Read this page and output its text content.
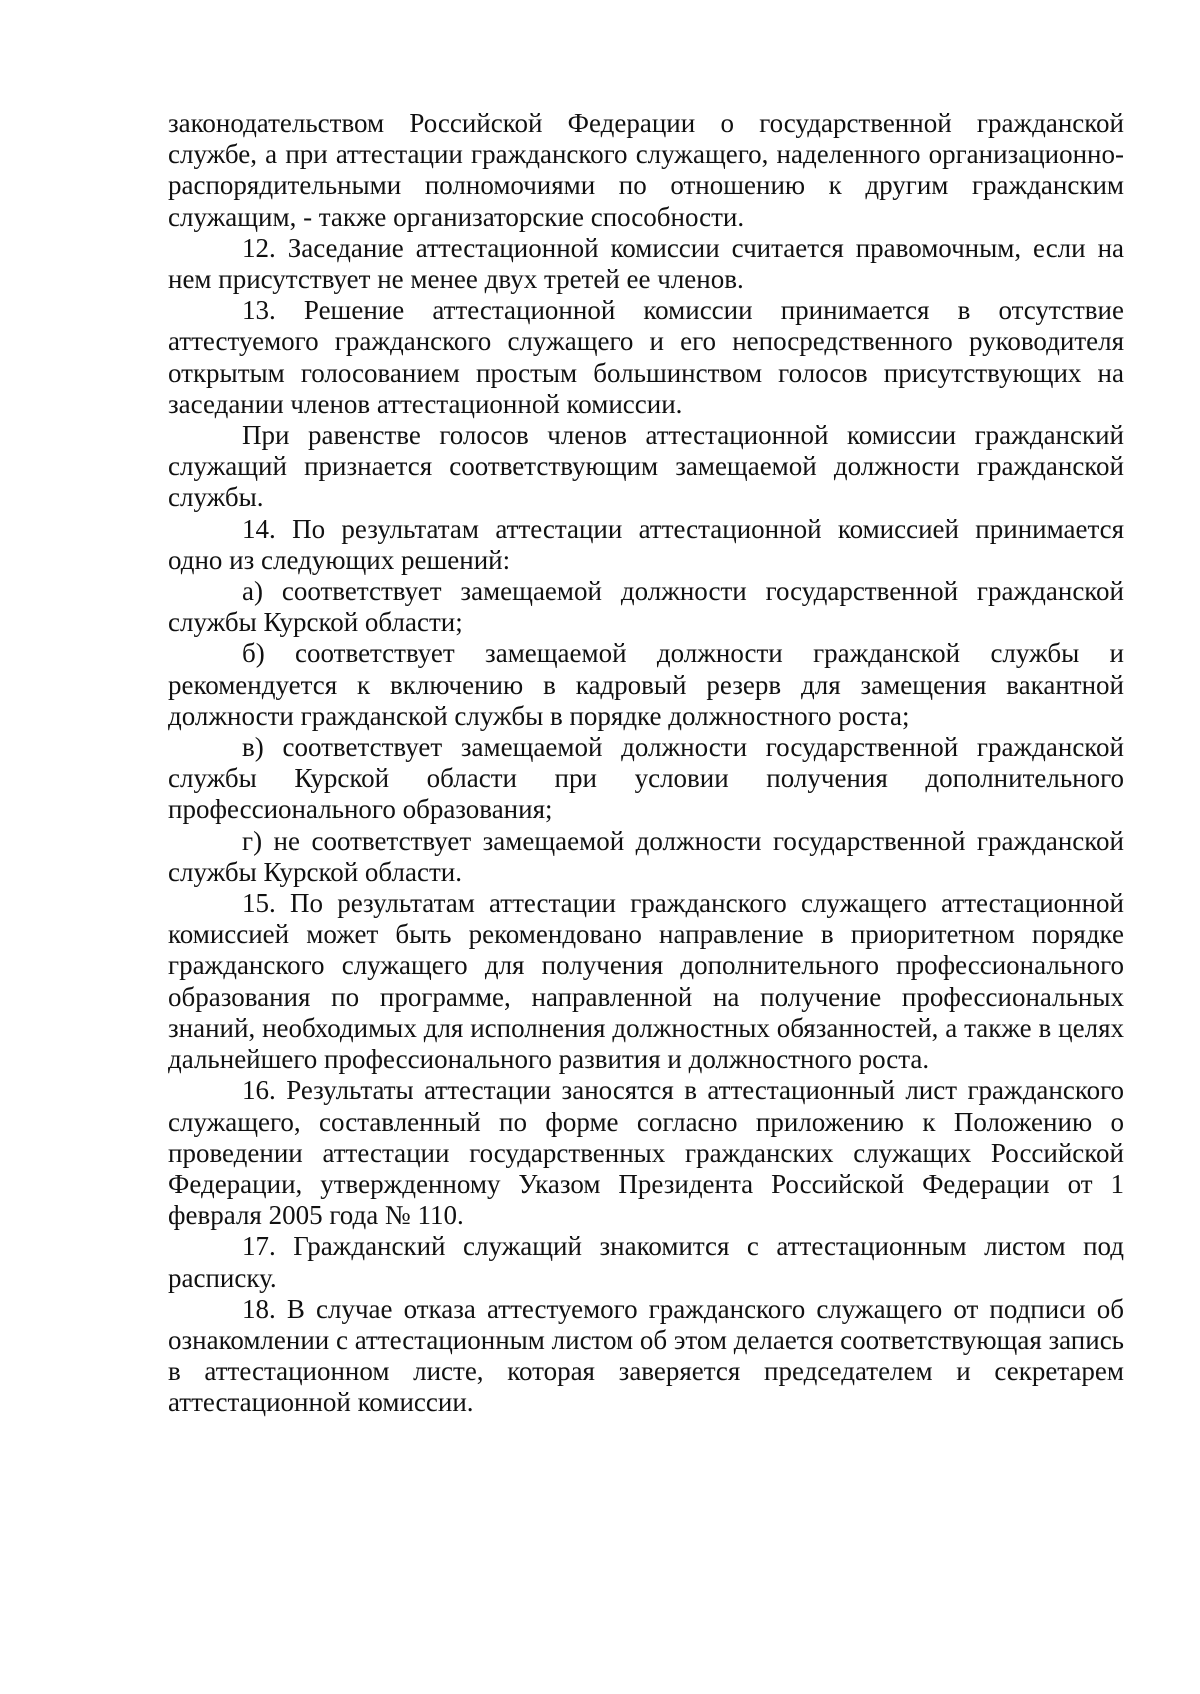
законодательством Российской Федерации о государственной гражданской службе, а при аттестации гражданского служащего, наделенного организационно-распорядительными полномочиями по отношению к другим гражданским служащим, - также организаторские способности.

12. Заседание аттестационной комиссии считается правомочным, если на нем присутствует не менее двух третей ее членов.

13. Решение аттестационной комиссии принимается в отсутствие аттестуемого гражданского служащего и его непосредственного руководителя открытым голосованием простым большинством голосов присутствующих на заседании членов аттестационной комиссии.

При равенстве голосов членов аттестационной комиссии гражданский служащий признается соответствующим замещаемой должности гражданской службы.

14. По результатам аттестации аттестационной комиссией принимается одно из следующих решений:

а) соответствует замещаемой должности государственной гражданской службы Курской области;

б) соответствует замещаемой должности гражданской службы и рекомендуется к включению в кадровый резерв для замещения вакантной должности гражданской службы в порядке должностного роста;

в) соответствует замещаемой должности государственной гражданской службы Курской области при условии получения дополнительного профессионального образования;

г) не соответствует замещаемой должности государственной гражданской службы Курской области.

15. По результатам аттестации гражданского служащего аттестационной комиссией может быть рекомендовано направление в приоритетном порядке гражданского служащего для получения дополнительного профессионального образования по программе, направленной на получение профессиональных знаний, необходимых для исполнения должностных обязанностей, а также в целях дальнейшего профессионального развития и должностного роста.

16. Результаты аттестации заносятся в аттестационный лист гражданского служащего, составленный по форме согласно приложению к Положению о проведении аттестации государственных гражданских служащих Российской Федерации, утвержденному Указом Президента Российской Федерации от 1 февраля 2005 года № 110.

17. Гражданский служащий знакомится с аттестационным листом под расписку.

18. В случае отказа аттестуемого гражданского служащего от подписи об ознакомлении с аттестационным листом об этом делается соответствующая запись в аттестационном листе, которая заверяется председателем и секретарем аттестационной комиссии.
